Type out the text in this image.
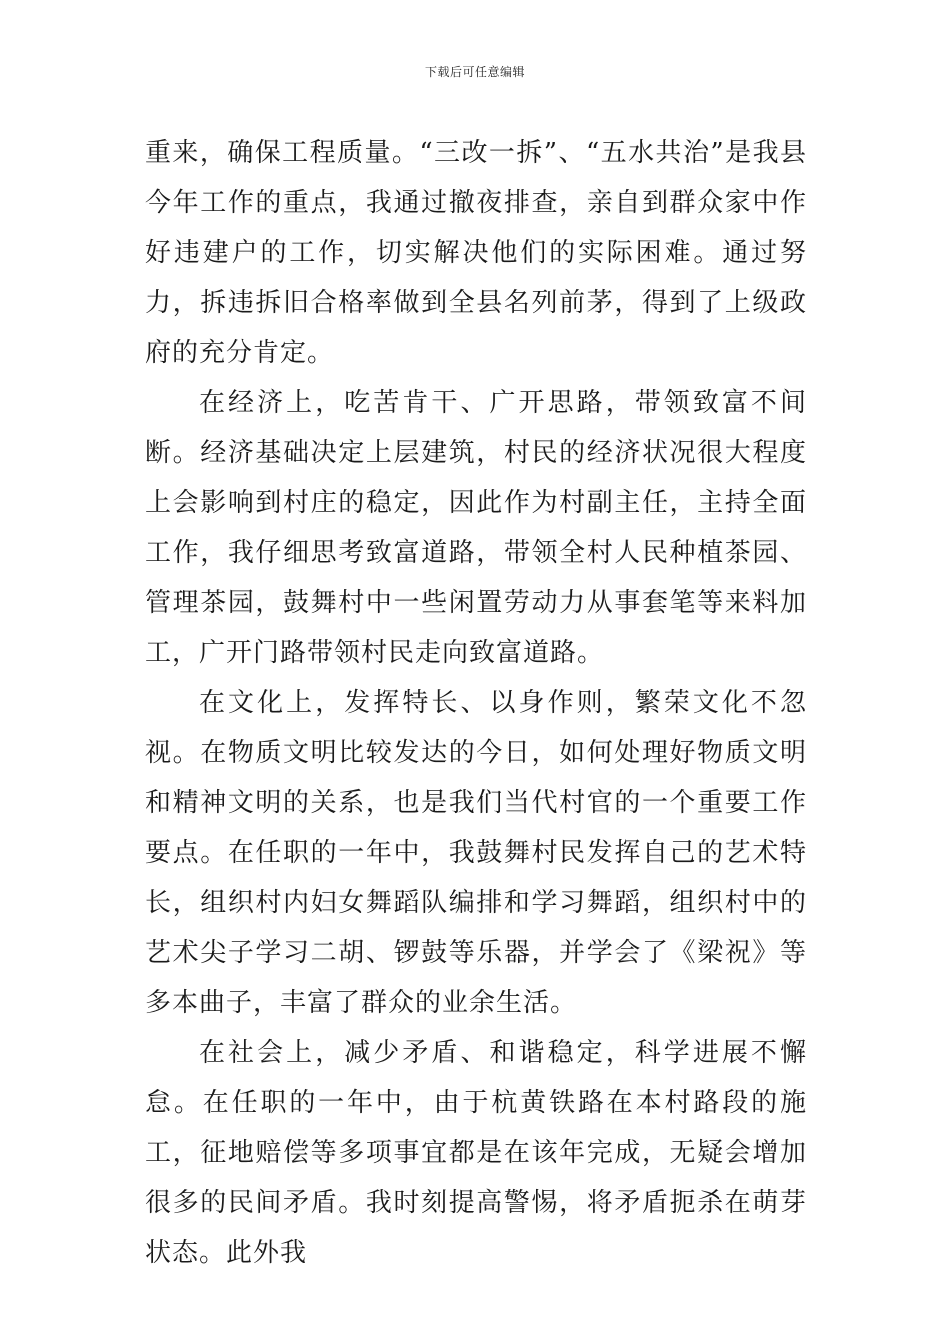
下载后可任意编辑

重来，确保工程质量。“三改一拆”、“五水共治”是我县今年工作的重点，我通过撤夜排查，亲自到群众家中作好违建户的工作，切实解决他们的实际困难。通过努力，拆违拆旧合格率做到全县名列前茅，得到了上级政府的充分肯定。

在经济上，吃苦肯干、广开思路，带领致富不间断。经济基础决定上层建筑，村民的经济状况很大程度上会影响到村庄的稳定，因此作为村副主任，主持全面工作，我仔细思考致富道路，带领全村人民种植茶园、管理茶园，鼓舞村中一些闲置劳动力从事套笔等来料加工，广开门路带领村民走向致富道路。

在文化上，发挥特长、以身作则，繁荣文化不忽视。在物质文明比较发达的今日，如何处理好物质文明和精神文明的关系，也是我们当代村官的一个重要工作要点。在任职的一年中，我鼓舞村民发挥自己的艺术特长，组织村内妇女舞蹈队编排和学习舞蹈，组织村中的艺术尖子学习二胡、锣鼓等乐器，并学会了《梁祝》等多本曲子，丰富了群众的业余生活。

在社会上，减少矛盾、和谐稳定，科学进展不懈怠。在任职的一年中，由于杭黄铁路在本村路段的施工，征地赔偿等多项事宜都是在该年完成，无疑会增加很多的民间矛盾。我时刻提高警惕，将矛盾扼杀在萌芽状态。此外我
